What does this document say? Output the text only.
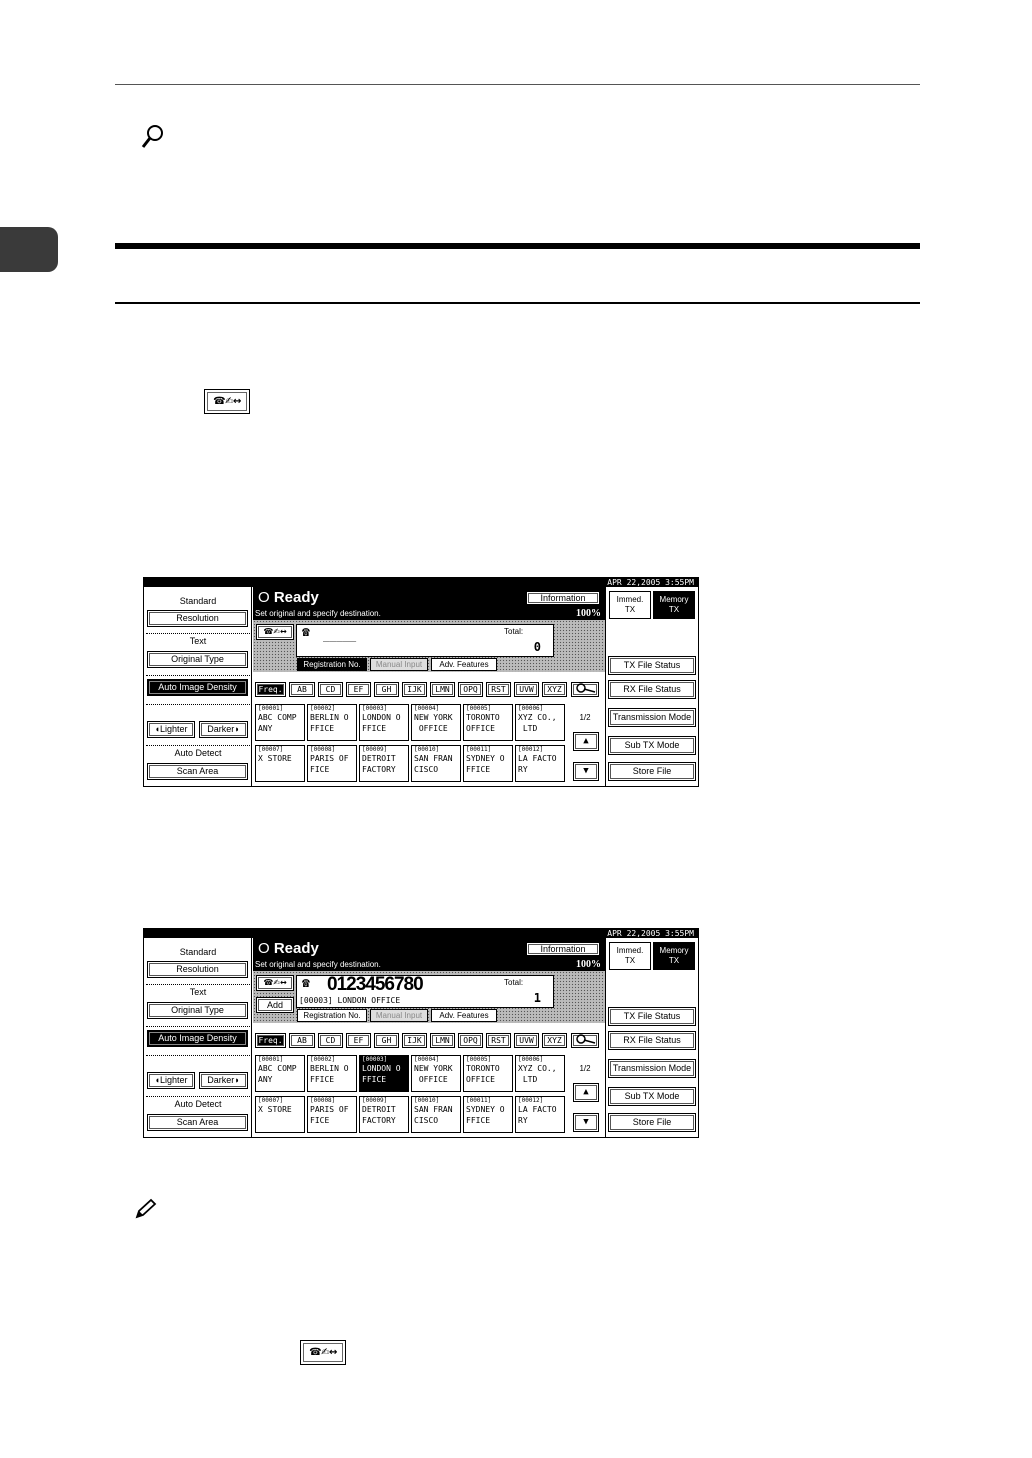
☎✍↔
APR 22,2005 3:55PM
Standard
Resolution
Text
Original Type
Auto Image Density
◖Lighter	Darker◗
Auto Detect
Scan Area
O Ready
Set original and specify destination.
Information
100%
☎✍↔	☎ _____	Total:
0
Registration No.	Manual Input	Adv. Features
Freq.	AB	CD	EF	GH	IJK	LMN	OPQ	RST	UVW	XYZ
[00001]
ABC COMP
ANY
[00002]
BERLIN O
FFICE
[00003]
LONDON O
FFICE
[00004]
NEW YORK
OFFICE
[00005]
TORONTO
OFFICE
[00006]
XYZ CO.,
LTD
[00007]
X STORE
[00008]
PARIS OF
FICE
[00009]
DETROIT
FACTORY
[00010]
SAN FRAN
CISCO
[00011]
SYDNEY O
FFICE
[00012]
LA FACTO
RY
1/2
▲
▼
Immed.
TX
Memory
TX
TX File Status
RX File Status
Transmission Mode
Sub TX Mode
Store File
APR 22,2005 3:55PM
Standard
Resolution
Text
Original Type
Auto Image Density
◖Lighter	Darker◗
Auto Detect
Scan Area
O Ready
Set original and specify destination.
Information
100%
☎✍↔
Add
☎ 0123456780
[00003] LONDON OFFICE
Total:
1
Registration No.	Manual Input	Adv. Features
Freq.	AB	CD	EF	GH	IJK	LMN	OPQ	RST	UVW	XYZ
[00001]
ABC COMP
ANY
[00002]
BERLIN O
FFICE
[00003]
LONDON O
FFICE
[00004]
NEW YORK
OFFICE
[00005]
TORONTO
OFFICE
[00006]
XYZ CO.,
LTD
[00007]
X STORE
[00008]
PARIS OF
FICE
[00009]
DETROIT
FACTORY
[00010]
SAN FRAN
CISCO
[00011]
SYDNEY O
FFICE
[00012]
LA FACTO
RY
1/2
▲
▼
Immed.
TX
Memory
TX
TX File Status
RX File Status
Transmission Mode
Sub TX Mode
Store File
☎✍↔
